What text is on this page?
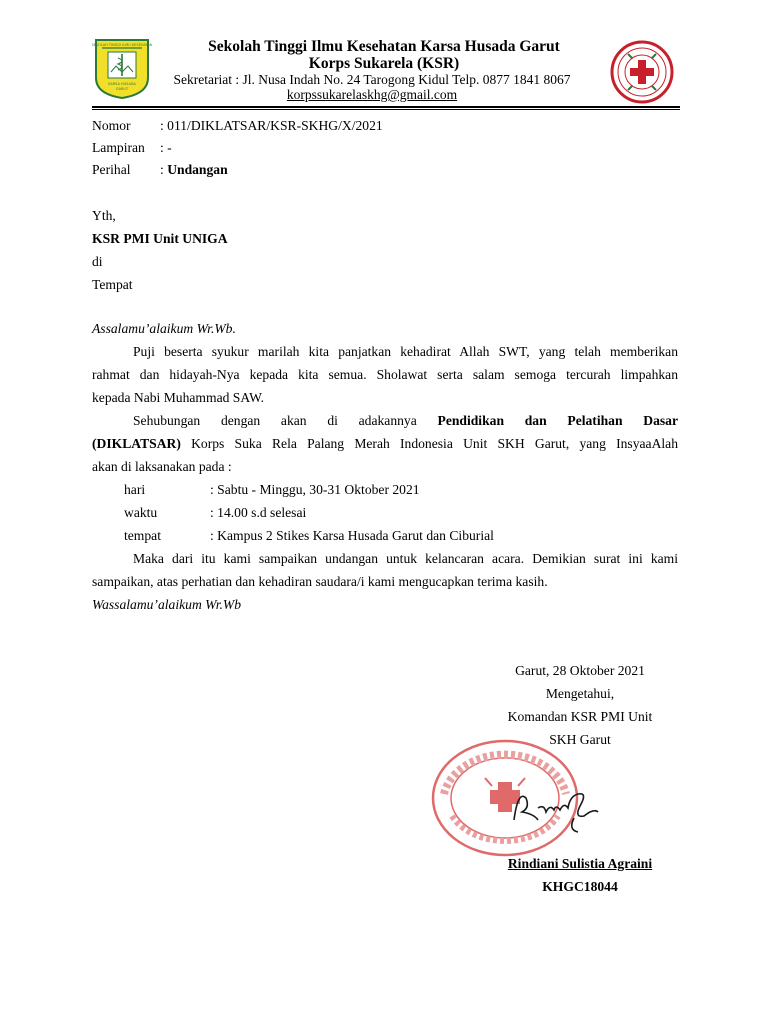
SEKOLAH TINGGI ILMU KESEHATAN
KARSA HUSADA
GARUT
Sekolah Tinggi Ilmu Kesehatan Karsa Husada Garut
Korps Sukarela (KSR)
Sekretariat : Jl. Nusa Indah No. 24 Tarogong Kidul Telp. 0877 1841 8067
korpssukarelaskhg@gmail.com
Nomor : 011/DIKLATSAR/KSR-SKHG/X/2021
Lampiran : -
Perihal : Undangan
Yth,
KSR PMI Unit UNIGA
di
Tempat
Assalamu’alaikum Wr.Wb.
Puji beserta syukur marilah kita panjatkan kehadirat Allah SWT, yang telah memberikan
rahmat dan hidayah-Nya kepada kita semua. Sholawat serta salam semoga tercurah limpahkan
kepada Nabi Muhammad SAW.
Sehubungan dengan akan di adakannya Pendidikan dan Pelatihan Dasar
(DIKLATSAR) Korps Suka Rela Palang Merah Indonesia Unit SKH Garut, yang InsyaaAlah
akan di laksanakan pada :
hari	: Sabtu - Minggu, 30-31 Oktober 2021
waktu	: 14.00 s.d selesai
tempat	: Kampus 2 Stikes Karsa Husada Garut dan Ciburial
Maka dari itu kami sampaikan undangan untuk kelancaran acara. Demikian surat ini kami
sampaikan, atas perhatian dan kehadiran saudara/i kami mengucapkan terima kasih.
Wassalamu’alaikum Wr.Wb
Garut, 28 Oktober 2021
Mengetahui,
Komandan KSR PMI Unit
SKH Garut
Rindiani Sulistia Agraini
KHGC18044
